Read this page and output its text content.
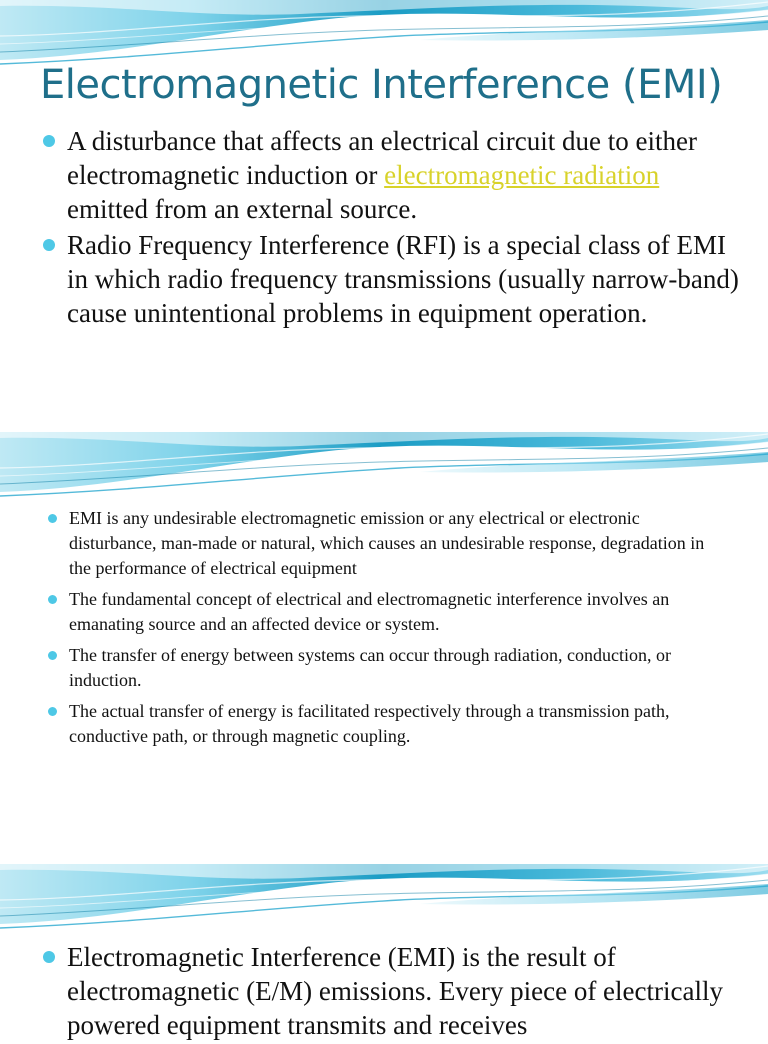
Electromagnetic Interference (EMI)
A disturbance that affects an electrical circuit due to either electromagnetic induction or electromagnetic radiation emitted from an external source.
Radio Frequency Interference (RFI) is a special class of EMI in which radio frequency transmissions (usually narrow-band) cause unintentional problems in equipment operation.
EMI is any undesirable electromagnetic emission or any electrical or electronic disturbance, man-made or natural, which causes an undesirable response, degradation in the performance of electrical equipment
The fundamental concept of electrical and electromagnetic interference involves an emanating source and an affected device or system.
The transfer of energy between systems can occur through radiation, conduction, or induction.
The actual transfer of energy is facilitated respectively through a transmission path, conductive path, or through magnetic coupling.
Electromagnetic Interference (EMI) is the result of electromagnetic (E/M) emissions. Every piece of electrically powered equipment transmits and receives
